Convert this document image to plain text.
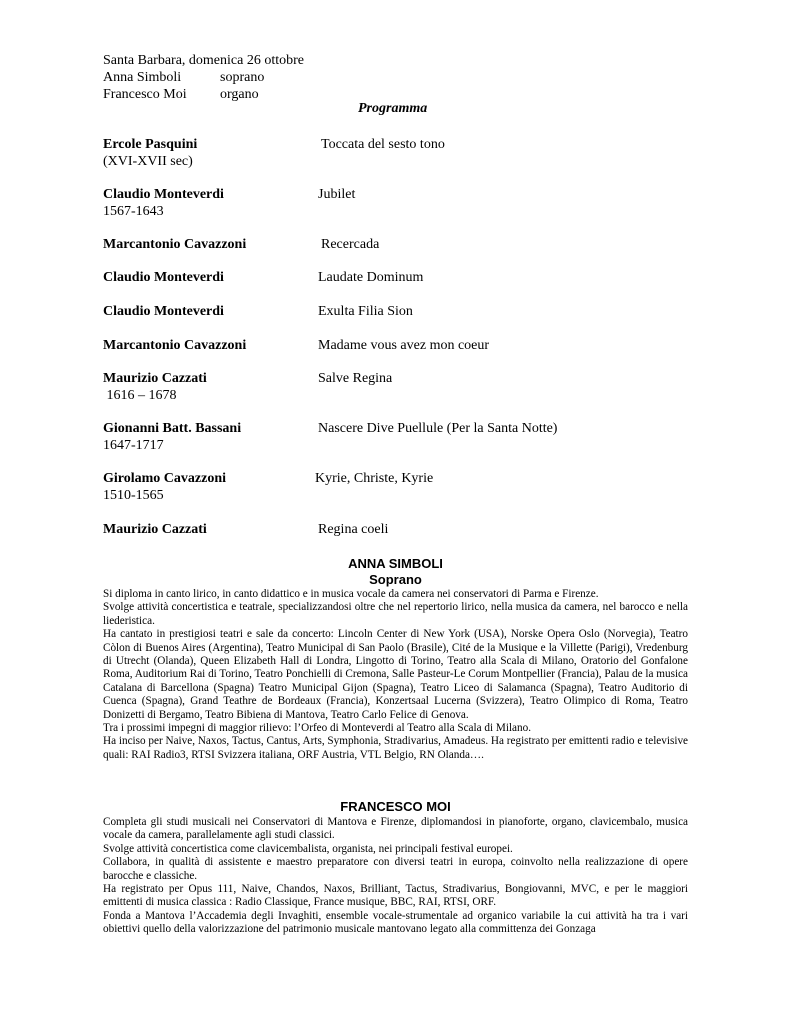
Santa Barbara, domenica 26 ottobre
Anna Simboli	soprano
Francesco Moi organo
Programma
Ercole Pasquini	Toccata del sesto tono
(XVI-XVII sec)
Claudio Monteverdi	Jubilet
1567-1643
Marcantonio Cavazzoni	Recercada
Claudio Monteverdi	Laudate Dominum
Claudio Monteverdi	Exulta Filia Sion
Marcantonio Cavazzoni	Madame vous avez mon coeur
Maurizio Cazzati	Salve Regina
1616 – 1678
Gionanni Batt. Bassani	Nascere Dive Puellule (Per la Santa Notte)
1647-1717
Girolamo Cavazzoni	Kyrie, Christe, Kyrie
1510-1565
Maurizio Cazzati	Regina coeli
ANNA SIMBOLI
Soprano

Si diploma in canto lirico, in canto didattico e in musica vocale da camera nei conservatori di Parma e Firenze.

Svolge attività concertistica e teatrale, specializzandosi oltre che nel repertorio lirico, nella musica da camera, nel barocco e nella liederistica.

Ha cantato in prestigiosi teatri e sale da concerto: Lincoln Center di New York (USA), Norske Opera Oslo (Norvegia), Teatro Còlon di Buenos Aires (Argentina), Teatro Municipal di San Paolo (Brasile), Cité de la Musique e la Villette (Parigi), Vredenburg di Utrecht (Olanda), Queen Elizabeth Hall di Londra, Lingotto di Torino, Teatro alla Scala di Milano, Oratorio del Gonfalone Roma, Auditorium Rai di Torino, Teatro Ponchielli di Cremona, Salle Pasteur-Le Corum Montpellier (Francia), Palau de la musica Catalana di Barcellona (Spagna) Teatro Municipal Gijon (Spagna), Teatro Liceo di Salamanca (Spagna), Teatro Auditorio di Cuenca (Spagna), Grand Teathre de Bordeaux (Francia), Konzertsaal Lucerna (Svizzera), Teatro Olimpico di Roma, Teatro Donizetti di Bergamo, Teatro Bibiena di Mantova, Teatro Carlo Felice di Genova.

Tra i prossimi impegni di maggior rilievo: l’Orfeo di Monteverdi al Teatro alla Scala di Milano.

Ha inciso per Naive, Naxos, Tactus, Cantus, Arts, Symphonia, Stradivarius, Amadeus. Ha registrato per emittenti radio e televisive quali: RAI Radio3, RTSI Svizzera italiana, ORF Austria, VTL Belgio, RN Olanda….

FRANCESCO MOI

Completa gli studi musicali nei Conservatori di Mantova e Firenze, diplomandosi in pianoforte, organo, clavicembalo, musica vocale da camera, parallelamente agli studi classici.

Svolge attività concertistica come clavicembalista, organista, nei principali festival europei.

Collabora, in qualità di assistente e maestro preparatore con diversi teatri in europa, coinvolto nella realizzazione di opere barocche e classiche.

Ha registrato per Opus 111, Naive, Chandos, Naxos, Brilliant, Tactus, Stradivarius, Bongiovanni, MVC, e per le maggiori emittenti di musica classica : Radio Classique, France musique, BBC, RAI, RTSI, ORF.

Fonda a Mantova l’Accademia degli Invaghiti, ensemble vocale-strumentale ad organico variabile la cui attività ha tra i vari obiettivi quello della valorizzazione del patrimonio musicale mantovano legato alla committenza dei Gonzaga
